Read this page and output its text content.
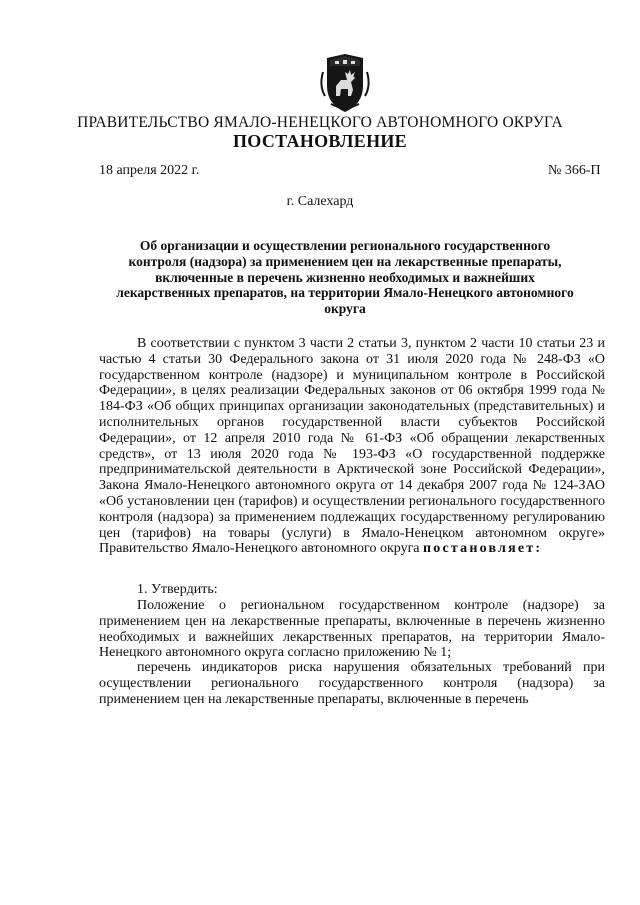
ПРАВИТЕЛЬСТВО ЯМАЛО-НЕНЕЦКОГО АВТОНОМНОГО ОКРУГА
ПОСТАНОВЛЕНИЕ
18 апреля 2022 г.	№ 366-П
г. Салехард
Об организации и осуществлении регионального государственного контроля (надзора) за применением цен на лекарственные препараты, включенные в перечень жизненно необходимых и важнейших лекарственных препаратов, на территории Ямало-Ненецкого автономного округа
В соответствии с пунктом 3 части 2 статьи 3, пунктом 2 части 10 статьи 23 и частью 4 статьи 30 Федерального закона от 31 июля 2020 года № 248-ФЗ «О государственном контроле (надзоре) и муниципальном контроле в Российской Федерации», в целях реализации Федеральных законов от 06 октября 1999 года № 184-ФЗ «Об общих принципах организации законодательных (представительных) и исполнительных органов государственной власти субъектов Российской Федерации», от 12 апреля 2010 года № 61-ФЗ «Об обращении лекарственных средств», от 13 июля 2020 года № 193-ФЗ «О государственной поддержке предпринимательской деятельности в Арктической зоне Российской Федерации», Закона Ямало-Ненецкого автономного округа от 14 декабря 2007 года № 124-ЗАО «Об установлении цен (тарифов) и осуществлении регионального государственного контроля (надзора) за применением подлежащих государственному регулированию цен (тарифов) на товары (услуги) в Ямало-Ненецком автономном округе» Правительство Ямало-Ненецкого автономного округа постановляет:
1. Утвердить:
Положение о региональном государственном контроле (надзоре) за применением цен на лекарственные препараты, включенные в перечень жизненно необходимых и важнейших лекарственных препаратов, на территории Ямало-Ненецкого автономного округа согласно приложению № 1;
перечень индикаторов риска нарушения обязательных требований при осуществлении регионального государственного контроля (надзора) за применением цен на лекарственные препараты, включенные в перечень
